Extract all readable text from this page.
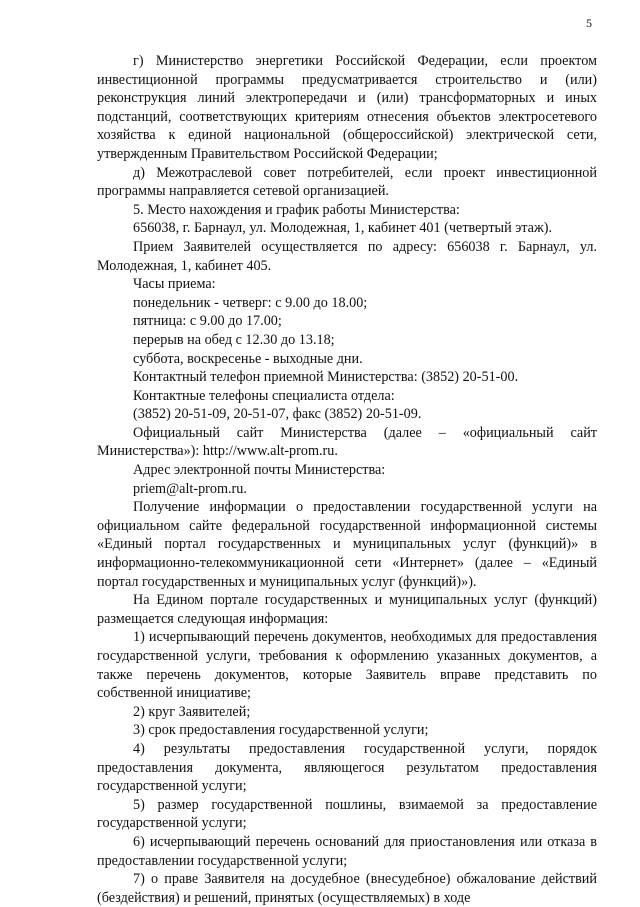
5

г) Министерство энергетики Российской Федерации, если проектом инвестиционной программы предусматривается строительство и (или) реконструкция линий электропередачи и (или) трансформаторных и иных подстанций, соответствующих критериям отнесения объектов электросетевого хозяйства к единой национальной (общероссийской) электрической сети, утвержденным Правительством Российской Федерации;

д) Межотраслевой совет потребителей, если проект инвестиционной программы направляется сетевой организацией.

5. Место нахождения и график работы Министерства:

656038, г. Барнаул, ул. Молодежная, 1, кабинет 401 (четвертый этаж).

Прием Заявителей осуществляется по адресу: 656038 г. Барнаул, ул. Молодежная, 1, кабинет 405.

Часы приема:

понедельник - четверг: с 9.00 до 18.00;

пятница: с 9.00 до 17.00;

перерыв на обед с 12.30 до 13.18;

суббота, воскресенье - выходные дни.

Контактный телефон приемной Министерства: (3852) 20-51-00.

Контактные телефоны специалиста отдела:

(3852) 20-51-09, 20-51-07, факс (3852) 20-51-09.

Официальный сайт Министерства (далее – «официальный сайт Министерства»): http://www.alt-prom.ru.

Адрес электронной почты Министерства:

priem@alt-prom.ru.

Получение информации о предоставлении государственной услуги на официальном сайте федеральной государственной информационной системы «Единый портал государственных и муниципальных услуг (функций)» в информационно-телекоммуникационной сети «Интернет» (далее – «Единый портал государственных и муниципальных услуг (функций)»).

На Едином портале государственных и муниципальных услуг (функций) размещается следующая информация:

1) исчерпывающий перечень документов, необходимых для предоставления государственной услуги, требования к оформлению указанных документов, а также перечень документов, которые Заявитель вправе представить по собственной инициативе;

2) круг Заявителей;

3) срок предоставления государственной услуги;

4) результаты предоставления государственной услуги, порядок предоставления документа, являющегося результатом предоставления государственной услуги;

5) размер государственной пошлины, взимаемой за предоставление государственной услуги;

6) исчерпывающий перечень оснований для приостановления или отказа в предоставлении государственной услуги;

7) о праве Заявителя на досудебное (внесудебное) обжалование действий (бездействия) и решений, принятых (осуществляемых) в ходе
